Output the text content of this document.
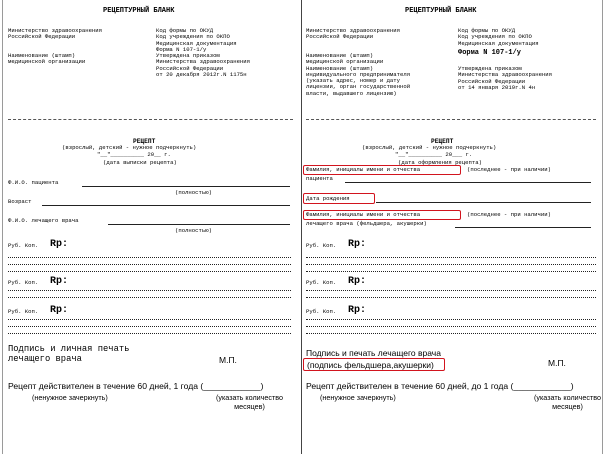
РЕЦЕПТУРНЫЙ БЛАНК
Министерство здравоохранения
Российской Федерации
Наименование (штамп)
медицинской организации
Код формы по ОКУД
Код учреждения по ОКПО
Медицинская документация
Форма N 107-1/у
Утверждена приказом
Министерства здравоохранения
Российской Федерации
от 20 декабря 2012г.N 1175н
РЕЦЕПТ
(взрослый, детский - нужное подчеркнуть)
"__"__________ 20__ г.
(дата выписки рецепта)
Ф.И.О. пациента
(полностью)
Возраст
Ф.И.О. лечащего врача
(полностью)
Руб. Коп. Rp:
Руб. Коп. Rp:
Руб. Коп. Rp:
Подпись и личная печать
лечащего врача	М.П.
Рецепт действителен в течение 60 дней, 1 года (____________)
(ненужное зачеркнуть)	(указать количество
месяцев)
РЕЦЕПТУРНЫЙ БЛАНК
Министерство здравоохранения
Российской Федерации
Наименование (штамп)
медицинской организации
Наименование (штамп)
индивидуального предпринимателя
(указать адрес, номер и дату
лицензии, орган государственной
власти, выдавшего лицензию)
Код формы по ОКУД
Код учреждения по ОКПО
Медицинская документация
Форма N 107-1/у
Утверждена приказом
Министерства здравоохранения
Российской Федерации
от 14 января 2019г.N 4н
РЕЦЕПТ
(взрослый, детский - нужное подчеркнуть)
"__"__________ 20___ г.
(дата оформления рецепта)
Фамилия, инициалы имени и отчества	(последнее - при наличии)
пациента
Дата рождения
Фамилия, инициалы имени и отчества	(последнее - при наличии)
лечащего врача (фельдшера, акушерки)
Руб. Коп. Rp:
Руб. Коп. Rp:
Руб. Коп. Rp:
Подпись и печать лечащего врача
(подпись фельдшера,акушерки)	М.П.
Рецепт действителен в течение 60 дней, до 1 года (____________)
(ненужное зачеркнуть)	(указать количество
месяцев)
